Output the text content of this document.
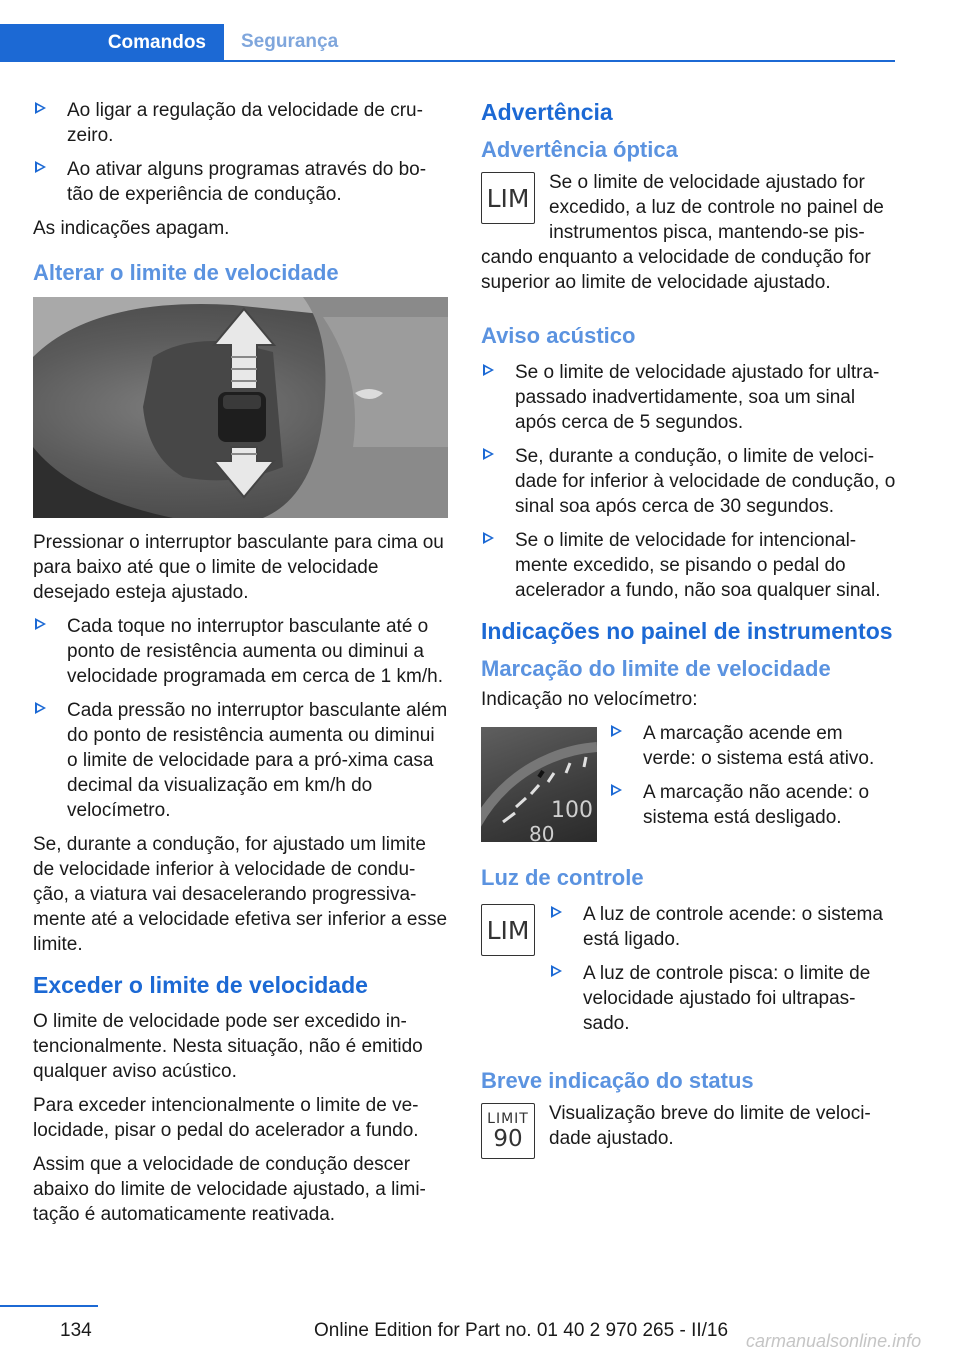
Comandos	Segurança
Ao ligar a regulação da velocidade de cru-zeiro.
Ao ativar alguns programas através do bo-tão de experiência de condução.

As indicações apagam.

Alterar o limite de velocidade

Pressionar o interruptor basculante para cima ou para baixo até que o limite de velocidade desejado esteja ajustado.

Cada toque no interruptor basculante até o ponto de resistência aumenta ou diminui a velocidade programada em cerca de 1 km/h.
Cada pressão no interruptor basculante além do ponto de resistência aumenta ou diminui o limite de velocidade para a pró-xima casa decimal da visualização em km/h do velocímetro.

Se, durante a condução, for ajustado um limite de velocidade inferior à velocidade de condu-ção, a viatura vai desacelerando progressiva-mente até a velocidade efetiva ser inferior a esse limite.

Exceder o limite de velocidade

O limite de velocidade pode ser excedido in-tencionalmente. Nesta situação, não é emitido qualquer aviso acústico.

Para exceder intencionalmente o limite de ve-locidade, pisar o pedal do acelerador a fundo.

Assim que a velocidade de condução descer abaixo do limite de velocidade ajustado, a limi-tação é automaticamente reativada.

Advertência
Advertência óptica
LIM

Se o limite de velocidade ajustado for excedido, a luz de controle no painel de instrumentos pisca, mantendo-se pis-cando enquanto a velocidade de condução for superior ao limite de velocidade ajustado.

Aviso acústico
Se o limite de velocidade ajustado for ultra-passado inadvertidamente, soa um sinal após cerca de 5 segundos.
Se, durante a condução, o limite de veloci-dade for inferior à velocidade de condução, o sinal soa após cerca de 30 segundos.
Se o limite de velocidade for intencional-mente excedido, se pisando o pedal do acelerador a fundo, não soa qualquer sinal.
Indicações no painel de instrumentos
Marcação do limite de velocidade

Indicação no velocímetro:

100
80
A marcação acende em verde: o sistema está ativo.
A marcação não acende: o sistema está desligado.
Luz de controle
LIM
A luz de controle acende: o sistema está ligado.
A luz de controle pisca: o limite de velocidade ajustado foi ultrapas-sado.
Breve indicação do status
LIMIT
90

Visualização breve do limite de veloci-dade ajustado.

134	Online Edition for Part no. 01 40 2 970 265 - II/16 carmanualsonline.info
